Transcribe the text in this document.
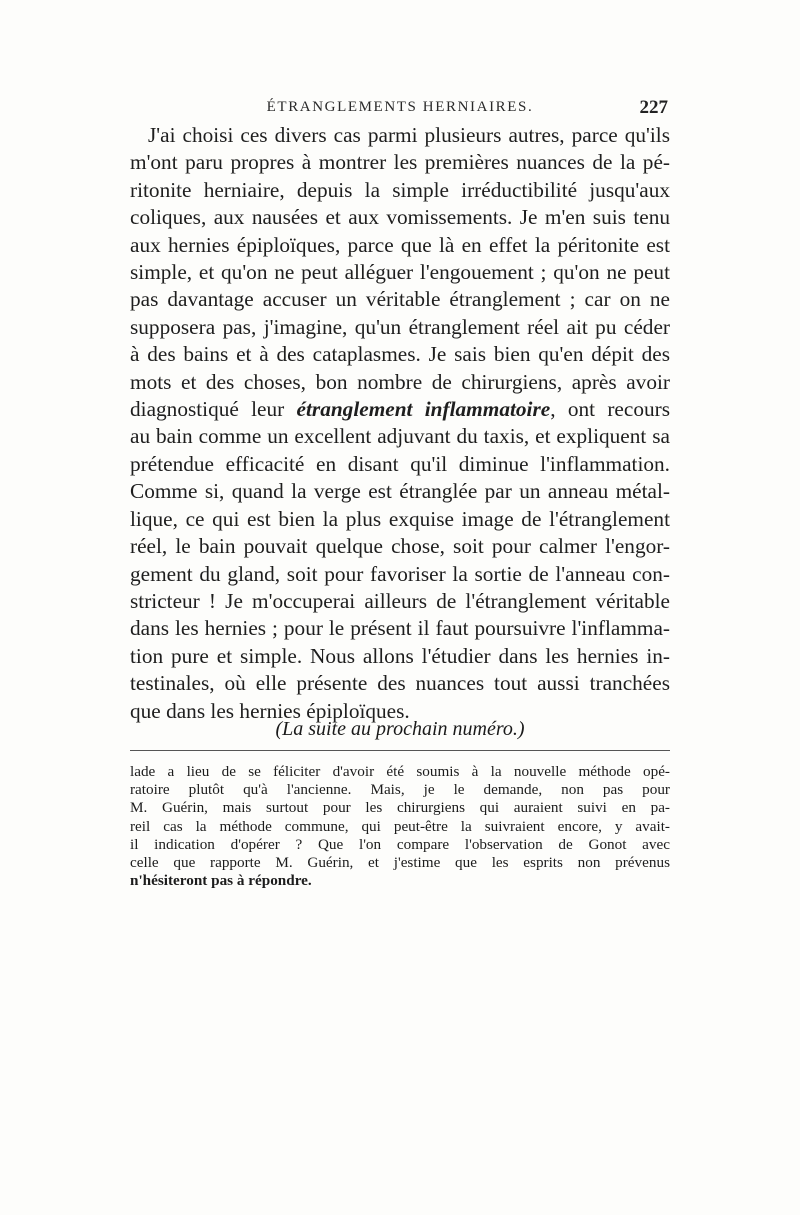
ÉTRANGLEMENTS HERNIAIRES.	227
J'ai choisi ces divers cas parmi plusieurs autres, parce qu'ils
m'ont paru propres à montrer les premières nuances de la pé-
ritonite herniaire, depuis la simple irréductibilité jusqu'aux
coliques, aux nausées et aux vomissements. Je m'en suis tenu
aux hernies épiploïques, parce que là en effet la péritonite est
simple, et qu'on ne peut alléguer l'engouement ; qu'on ne peut
pas davantage accuser un véritable étranglement ; car on ne
supposera pas, j'imagine, qu'un étranglement réel ait pu céder
à des bains et à des cataplasmes. Je sais bien qu'en dépit des
mots et des choses, bon nombre de chirurgiens, après avoir
diagnostiqué leur étranglement inflammatoire, ont recours
au bain comme un excellent adjuvant du taxis, et expliquent sa
prétendue efficacité en disant qu'il diminue l'inflammation.
Comme si, quand la verge est étranglée par un anneau métal-
lique, ce qui est bien la plus exquise image de l'étranglement
réel, le bain pouvait quelque chose, soit pour calmer l'engor-
gement du gland, soit pour favoriser la sortie de l'anneau con-
stricteur ! Je m'occuperai ailleurs de l'étranglement véritable
dans les hernies ; pour le présent il faut poursuivre l'inflamma-
tion pure et simple. Nous allons l'étudier dans les hernies in-
testinales, où elle présente des nuances tout aussi tranchées
que dans les hernies épiploïques.
(La suite au prochain numéro.)
lade a lieu de se féliciter d'avoir été soumis à la nouvelle méthode opé-
ratoire plutôt qu'à l'ancienne. Mais, je le demande, non pas pour
M. Guérin, mais surtout pour les chirurgiens qui auraient suivi en pa-
reil cas la méthode commune, qui peut-être la suivraient encore, y avait-
il indication d'opérer ? Que l'on compare l'observation de Gonot avec
celle que rapporte M. Guérin, et j'estime que les esprits non prévenus
n'hésiteront pas à répondre.
